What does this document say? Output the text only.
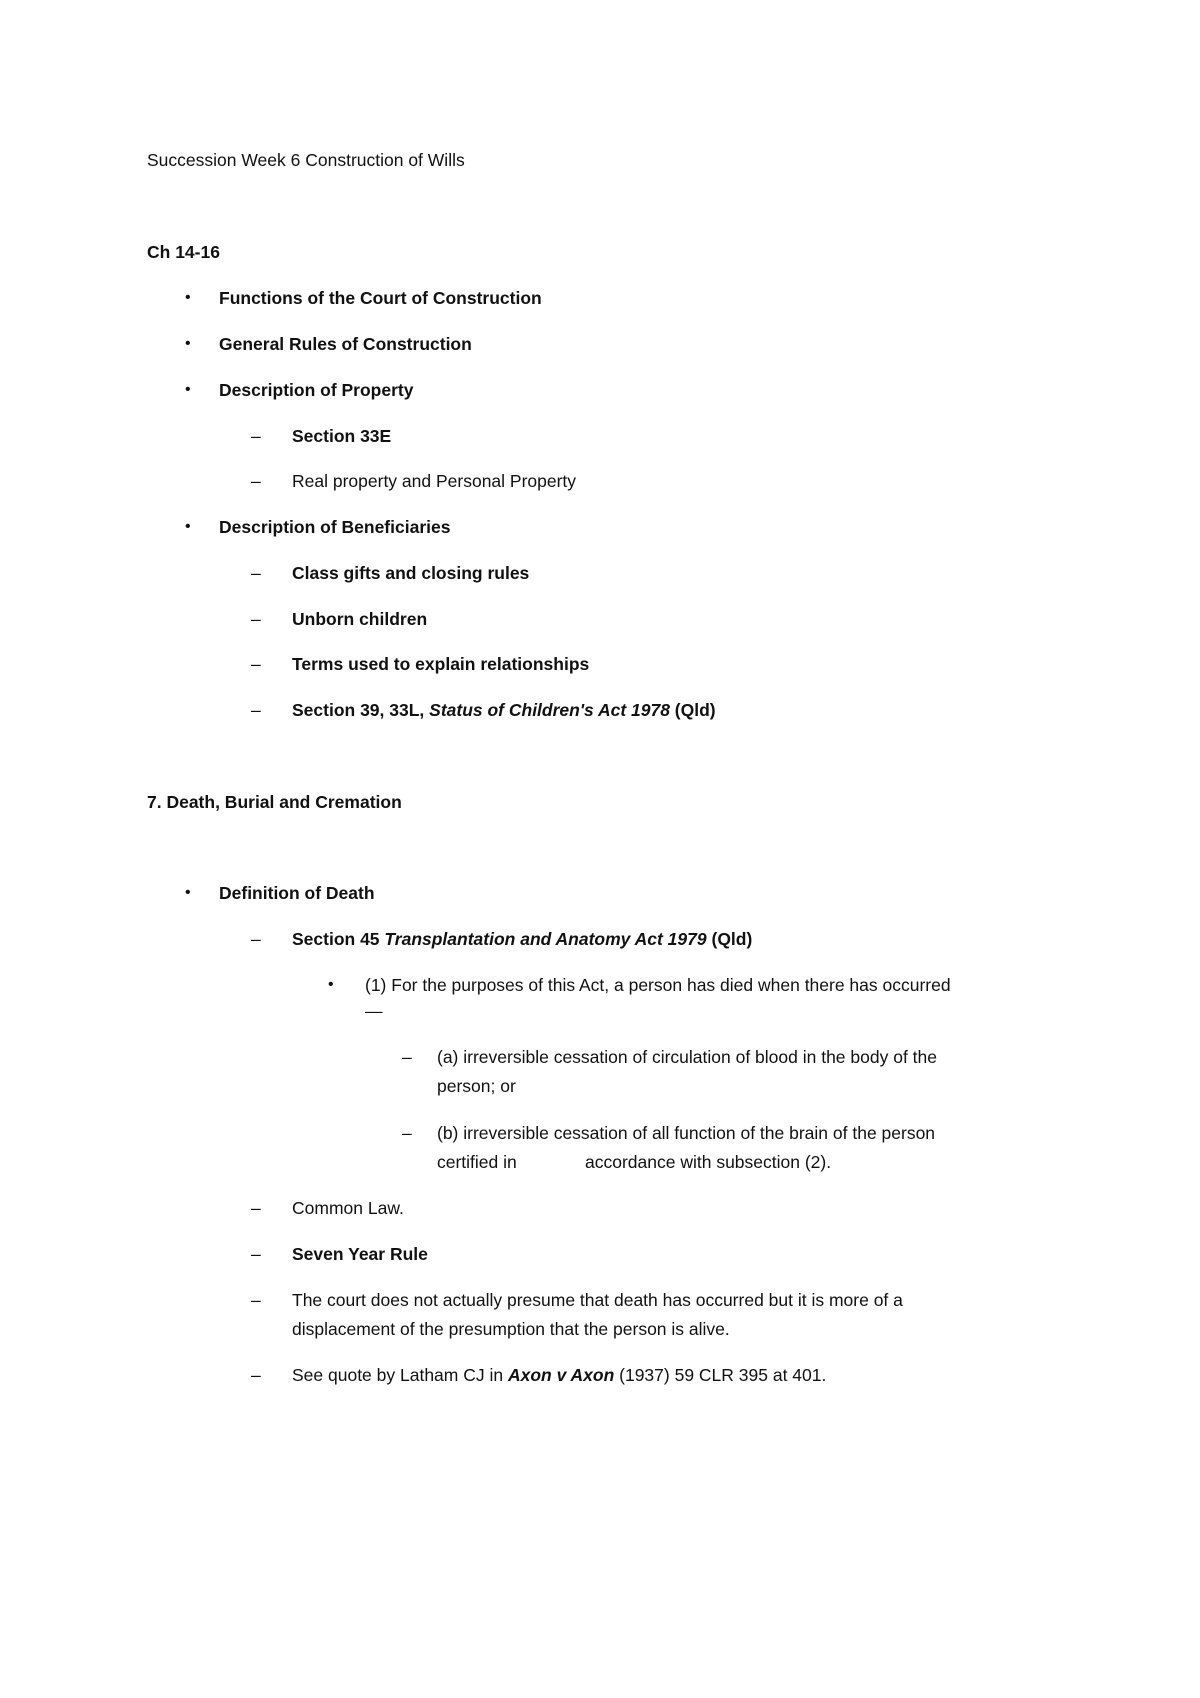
Succession Week 6 Construction of Wills
Ch 14-16
• Functions of the Court of Construction
• General Rules of Construction
• Description of Property
– Section 33E
– Real property and Personal Property
• Description of Beneficiaries
– Class gifts and closing rules
– Unborn children
– Terms used to explain relationships
– Section 39, 33L, Status of Children's Act 1978 (Qld)
7. Death, Burial and Cremation
• Definition of Death
– Section 45 Transplantation and Anatomy Act 1979 (Qld)
• (1) For the purposes of this Act, a person has died when there has occurred
—
– (a) irreversible cessation of circulation of blood in the body of the
person; or
– (b) irreversible cessation of all function of the brain of the person
certified in	accordance with subsection (2).
– Common Law.
– Seven Year Rule
– The court does not actually presume that death has occurred but it is more of a
displacement of the presumption that the person is alive.
– See quote by Latham CJ in Axon v Axon (1937) 59 CLR 395 at 401.
